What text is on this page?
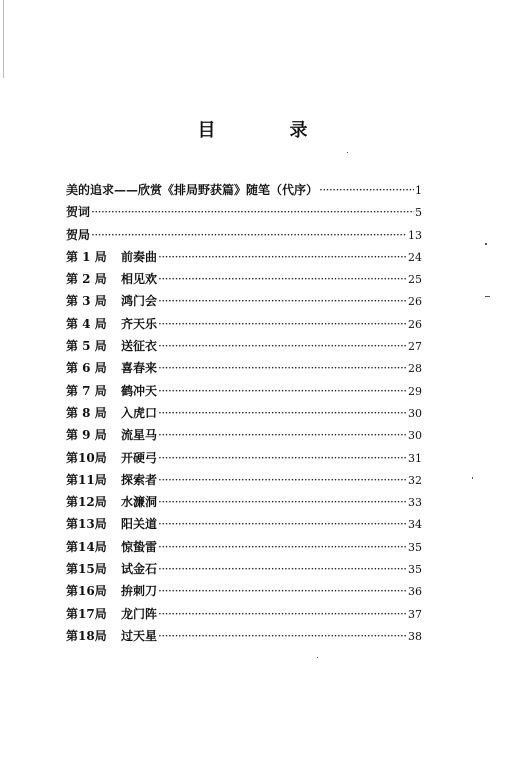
目　录
美的追求——欣赏《排局野获篇》随笔（代序） ·····	1
贺词 ·····	5
贺局 ·····	13
第 1 局	前奏曲 ·····	24
第 2 局	相见欢 ·····	25
第 3 局	鸿门会 ·····	26
第 4 局	齐天乐 ·····	26
第 5 局	送征衣 ·····	27
第 6 局	喜春来 ·····	28
第 7 局	鹤冲天 ·····	29
第 8 局	入虎口 ·····	30
第 9 局	流星马 ·····	30
第10局	开硬弓 ·····	31
第11局	探索者 ·····	32
第12局	水濂洞 ·····	33
第13局	阳关道 ·····	34
第14局	惊蛰雷 ·····	35
第15局	试金石 ·····	35
第16局	拚刺刀 ·····	36
第17局	龙门阵 ·····	37
第18局	过天星 ·····	38
